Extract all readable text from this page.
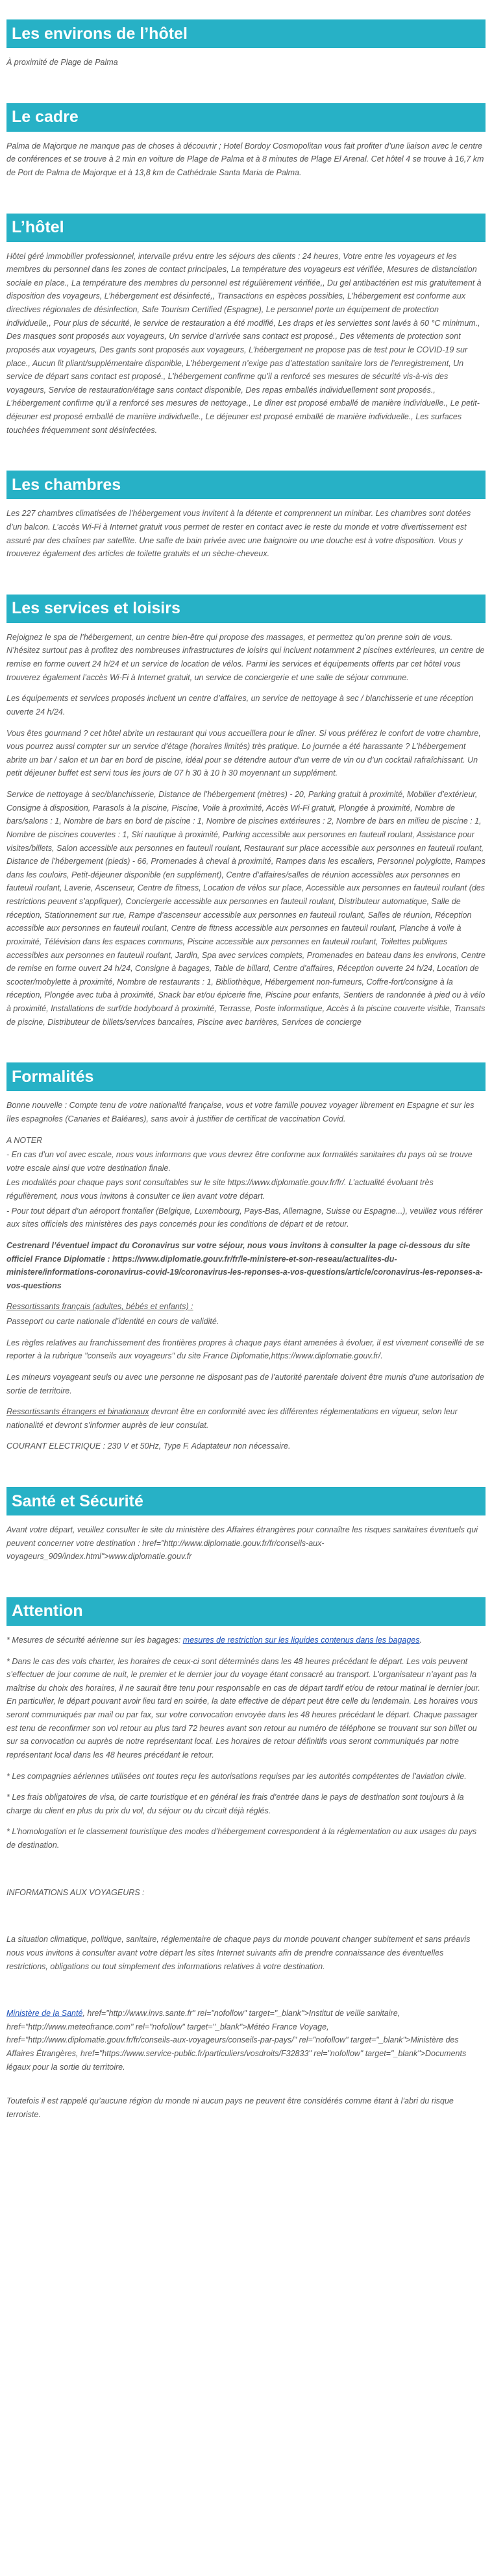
Les environs de l’hôtel

À proximité de Plage de Palma

Le cadre

Palma de Majorque ne manque pas de choses à découvrir ; Hotel Bordoy Cosmopolitan vous fait profiter d’une liaison avec le centre de conférences et se trouve à 2 min en voiture de Plage de Palma et à 8 minutes de Plage El Arenal. Cet hôtel 4 se trouve à 16,7 km de Port de Palma de Majorque et à 13,8 km de Cathédrale Santa Maria de Palma.

L’hôtel

Hôtel géré immobilier professionnel, intervalle prévu entre les séjours des clients : 24 heures, Votre entre les voyageurs et les membres du personnel dans les zones de contact principales, La température des voyageurs est vérifiée, Mesures de distanciation sociale en place., La température des membres du personnel est régulièrement vérifiée,, Du gel antibactérien est mis gratuitement à disposition des voyageurs, L’hébergement est désinfecté,, Transactions en espèces possibles, L’hébergement est conforme aux directives régionales de désinfection, Safe Tourism Certified (Espagne), Le personnel porte un équipement de protection individuelle,, Pour plus de sécurité, le service de restauration a été modifié, Les draps et les serviettes sont lavés à 60 °C minimum., Des masques sont proposés aux voyageurs, Un service d’arrivée sans contact est proposé., Des vêtements de protection sont proposés aux voyageurs, Des gants sont proposés aux voyageurs, L’hébergement ne propose pas de test pour le COVID-19 sur place., Aucun lit pliant/supplémentaire disponible, L’hébergement n’exige pas d’attestation sanitaire lors de l’enregistrement, Un service de départ sans contact est proposé., L’hébergement confirme qu’il a renforcé ses mesures de sécurité vis-à-vis des voyageurs, Service de restauration/étage sans contact disponible, Des repas emballés individuellement sont proposés., L’hébergement confirme qu’il a renforcé ses mesures de nettoyage., Le dîner est proposé emballé de manière individuelle., Le petit-déjeuner est proposé emballé de manière individuelle., Le déjeuner est proposé emballé de manière individuelle., Les surfaces touchées fréquemment sont désinfectées.

Les chambres

Les 227 chambres climatisées de l’hébergement vous invitent à la détente et comprennent un minibar. Les chambres sont dotées d’un balcon. L’accès Wi-Fi à Internet gratuit vous permet de rester en contact avec le reste du monde et votre divertissement est assuré par des chaînes par satellite. Une salle de bain privée avec une baignoire ou une douche est à votre disposition. Vous y trouverez également des articles de toilette gratuits et un sèche-cheveux.

Les services et loisirs

Rejoignez le spa de l’hébergement, un centre bien-être qui propose des massages, et permettez qu’on prenne soin de vous. N’hésitez surtout pas à profitez des nombreuses infrastructures de loisirs qui incluent notamment 2 piscines extérieures, un centre de remise en forme ouvert 24 h/24 et un service de location de vélos. Parmi les services et équipements offerts par cet hôtel vous trouverez également l’accès Wi-Fi à Internet gratuit, un service de conciergerie et une salle de séjour commune.

Les équipements et services proposés incluent un centre d’affaires, un service de nettoyage à sec / blanchisserie et une réception ouverte 24 h/24.

Vous êtes gourmand ? cet hôtel abrite un restaurant qui vous accueillera pour le dîner. Si vous préférez le confort de votre chambre, vous pourrez aussi compter sur un service d’étage (horaires limités) très pratique. Lo journée a été harassante ? L’hébergement abrite un bar / salon et un bar en bord de piscine, idéal pour se détendre autour d’un verre de vin ou d’un cocktail rafraîchissant. Un petit déjeuner buffet est servi tous les jours de 07 h 30 à 10 h 30 moyennant un supplément.

Service de nettoyage à sec/blanchisserie, Distance de l’hébergement (mètres) - 20, Parking gratuit à proximité, Mobilier d’extérieur, Consigne à disposition, Parasols à la piscine, Piscine, Voile à proximité, Accès Wi-Fi gratuit, Plongée à proximité, Nombre de bars/salons : 1, Nombre de bars en bord de piscine : 1, Nombre de piscines extérieures : 2, Nombre de bars en milieu de piscine : 1, Nombre de piscines couvertes : 1, Ski nautique à proximité, Parking accessible aux personnes en fauteuil roulant, Assistance pour visites/billets, Salon accessible aux personnes en fauteuil roulant, Restaurant sur place accessible aux personnes en fauteuil roulant, Distance de l’hébergement (pieds) - 66, Promenades à cheval à proximité, Rampes dans les escaliers, Personnel polyglotte, Rampes dans les couloirs, Petit-déjeuner disponible (en supplément), Centre d’affaires/salles de réunion accessibles aux personnes en fauteuil roulant, Laverie, Ascenseur, Centre de fitness, Location de vélos sur place, Accessible aux personnes en fauteuil roulant (des restrictions peuvent s’appliquer), Conciergerie accessible aux personnes en fauteuil roulant, Distributeur automatique, Salle de réception, Stationnement sur rue, Rampe d’ascenseur accessible aux personnes en fauteuil roulant, Salles de réunion, Réception accessible aux personnes en fauteuil roulant, Centre de fitness accessible aux personnes en fauteuil roulant, Planche à voile à proximité, Télévision dans les espaces communs, Piscine accessible aux personnes en fauteuil roulant, Toilettes publiques accessibles aux personnes en fauteuil roulant, Jardin, Spa avec services complets, Promenades en bateau dans les environs, Centre de remise en forme ouvert 24 h/24, Consigne à bagages, Table de billard, Centre d’affaires, Réception ouverte 24 h/24, Location de scooter/mobylette à proximité, Nombre de restaurants : 1, Bibliothèque, Hébergement non-fumeurs, Coffre-fort/consigne à la réception, Plongée avec tuba à proximité, Snack bar et/ou épicerie fine, Piscine pour enfants, Sentiers de randonnée à pied ou à vélo à proximité, Installations de surf/de bodyboard à proximité, Terrasse, Poste informatique, Accès à la piscine couverte visible, Transats de piscine, Distributeur de billets/services bancaires, Piscine avec barrières, Services de concierge

Formalités

Bonne nouvelle : Compte tenu de votre nationalité française, vous et votre famille pouvez voyager librement en Espagne et sur les îles espagnoles (Canaries et Baléares), sans avoir à justifier de certificat de vaccination Covid.

A NOTER

- En cas d’un vol avec escale, nous vous informons que vous devrez être conforme aux formalités sanitaires du pays où se trouve votre escale ainsi que votre destination finale.

Les modalités pour chaque pays sont consultables sur le site https://www.diplomatie.gouv.fr/fr/. L’actualité évoluant très régulièrement, nous vous invitons à consulter ce lien avant votre départ.

- Pour tout départ d’un aéroport frontalier (Belgique, Luxembourg, Pays-Bas, Allemagne, Suisse ou Espagne...), veuillez vous référer aux sites officiels des ministères des pays concernés pour les conditions de départ et de retour.

Cestrenard l’éventuel impact du Coronavirus sur votre séjour, nous vous invitons à consulter la page ci-dessous du site officiel France Diplomatie : https://www.diplomatie.gouv.fr/fr/le-ministere-et-son-reseau/actualites-du-ministere/informations-coronavirus-covid-19/coronavirus-les-reponses-a-vos-questions/article/coronavirus-les-reponses-a-vos-questions

Ressortissants français (adultes, bébés et enfants) :

Passeport ou carte nationale d’identité en cours de validité.

Les règles relatives au franchissement des frontières propres à chaque pays étant amenées à évoluer, il est vivement conseillé de se reporter à la rubrique "conseils aux voyageurs" du site France Diplomatie,https://www.diplomatie.gouv.fr/.

Les mineurs voyageant seuls ou avec une personne ne disposant pas de l’autorité parentale doivent être munis d’une autorisation de sortie de territoire.

Ressortissants étrangers et binationaux devront être en conformité avec les différentes réglementations en vigueur, selon leur nationalité et devront s’informer auprès de leur consulat.

COURANT ELECTRIQUE : 230 V et 50Hz, Type F. Adaptateur non nécessaire.

Santé et Sécurité

Avant votre départ, veuillez consulter le site du ministère des Affaires étrangères pour connaître les risques sanitaires éventuels qui peuvent concerner votre destination : href="http://www.diplomatie.gouv.fr/fr/conseils-aux-voyageurs_909/index.html">www.diplomatie.gouv.fr

Attention

* Mesures de sécurité aérienne sur les bagages: mesures de restriction sur les liquides contenus dans les bagages.

* Dans le cas des vols charter, les horaires de ceux-ci sont déterminés dans les 48 heures précédant le départ. Les vols peuvent s’effectuer de jour comme de nuit, le premier et le dernier jour du voyage étant consacré au transport. L’organisateur n’ayant pas la maîtrise du choix des horaires, il ne saurait être tenu pour responsable en cas de départ tardif et/ou de retour matinal le dernier jour. En particulier, le départ pouvant avoir lieu tard en soirée, la date effective de départ peut être celle du lendemain. Les horaires vous seront communiqués par mail ou par fax, sur votre convocation envoyée dans les 48 heures précédant le départ. Chaque passager est tenu de reconfirmer son vol retour au plus tard 72 heures avant son retour au numéro de téléphone se trouvant sur son billet ou sur sa convocation ou auprès de notre représentant local. Les horaires de retour définitifs vous seront communiqués par notre représentant local dans les 48 heures précédant le retour.

* Les compagnies aériennes utilisées ont toutes reçu les autorisations requises par les autorités compétentes de l’aviation civile.

* Les frais obligatoires de visa, de carte touristique et en général les frais d’entrée dans le pays de destination sont toujours à la charge du client en plus du prix du vol, du séjour ou du circuit déjà réglés.

* L’homologation et le classement touristique des modes d’hébergement correspondent à la réglementation ou aux usages du pays de destination.

INFORMATIONS AUX VOYAGEURS :

La situation climatique, politique, sanitaire, réglementaire de chaque pays du monde pouvant changer subitement et sans préavis nous vous invitons à consulter avant votre départ les sites Internet suivants afin de prendre connaissance des éventuelles restrictions, obligations ou tout simplement des informations relatives à votre destination.

Ministère de la Santé, href="http://www.invs.sante.fr" rel="nofollow" target="_blank">Institut de veille sanitaire, href="http://www.meteofrance.com" rel="nofollow" target="_blank">Météo France Voyage, href="http://www.diplomatie.gouv.fr/fr/conseils-aux-voyageurs/conseils-par-pays/" rel="nofollow" target="_blank">Ministère des Affaires Étrangères, href="https://www.service-public.fr/particuliers/vosdroits/F32833" rel="nofollow" target="_blank">Documents légaux pour la sortie du territoire.

Toutefois il est rappelé qu’aucune région du monde ni aucun pays ne peuvent être considérés comme étant à l’abri du risque terroriste.
